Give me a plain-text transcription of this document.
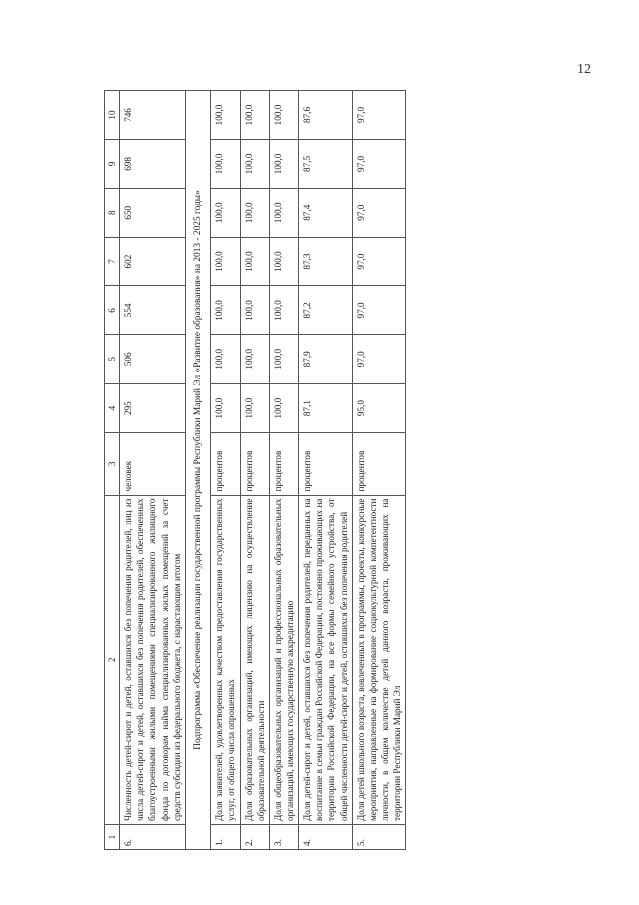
12
1	2	3	4	5	6	7	8	9	10
6.	Численность детей-сирот и детей, оставшихся без попечения родителей, лиц из числа детей-сирот и детей, оставшихся без попечения родителей, обеспеченных благоустроенными жилыми помещениями специализированного жилищного фонда по договорам найма специализированных жилых помещений за счет средств субсидии из федерального бюджета, с нарастающим итогом	человек	295	506	554	602	650	698	746
Подпрограмма «Обеспечение реализации государственной программы Республики Марий Эл «Развитие образования» на 2013 - 2025 годы»									
1.	Доля заявителей, удовлетворенных качеством предоставления государственных услуг, от общего числа опрошенных	процентов	100,0	100,0	100,0	100,0	100,0	100,0	100,0
2.	Доля образовательных организаций, имеющих лицензию на осуществление образовательной деятельности	процентов	100,0	100,0	100,0	100,0	100,0	100,0	100,0
3.	Доля общеобразовательных организаций и профессиональных образовательных организаций, имеющих государственную аккредитацию	процентов	100,0	100,0	100,0	100,0	100,0	100,0	100,0
4.	Доля детей-сирот и детей, оставшихся без попечения родителей, переданных на воспитание в семьи граждан Российской Федерации, постоянно проживающих на территории Российской Федерации, на все формы семейного устройства, от общей численности детей-сирот и детей, оставшихся без попечения родителей	процентов	87,1	87,9	87,2	87,3	87,4	87,5	87,6
5.	Доля детей школьного возраста, вовлеченных в программы, проекты, конкурсные мероприятия, направленные на формирование социокультурной компетентности личности, в общем количестве детей данного возраста, проживающих на территории Республики Марий Эл	процентов	95,0	97,0	97,0	97,0	97,0	97,0	97,0
